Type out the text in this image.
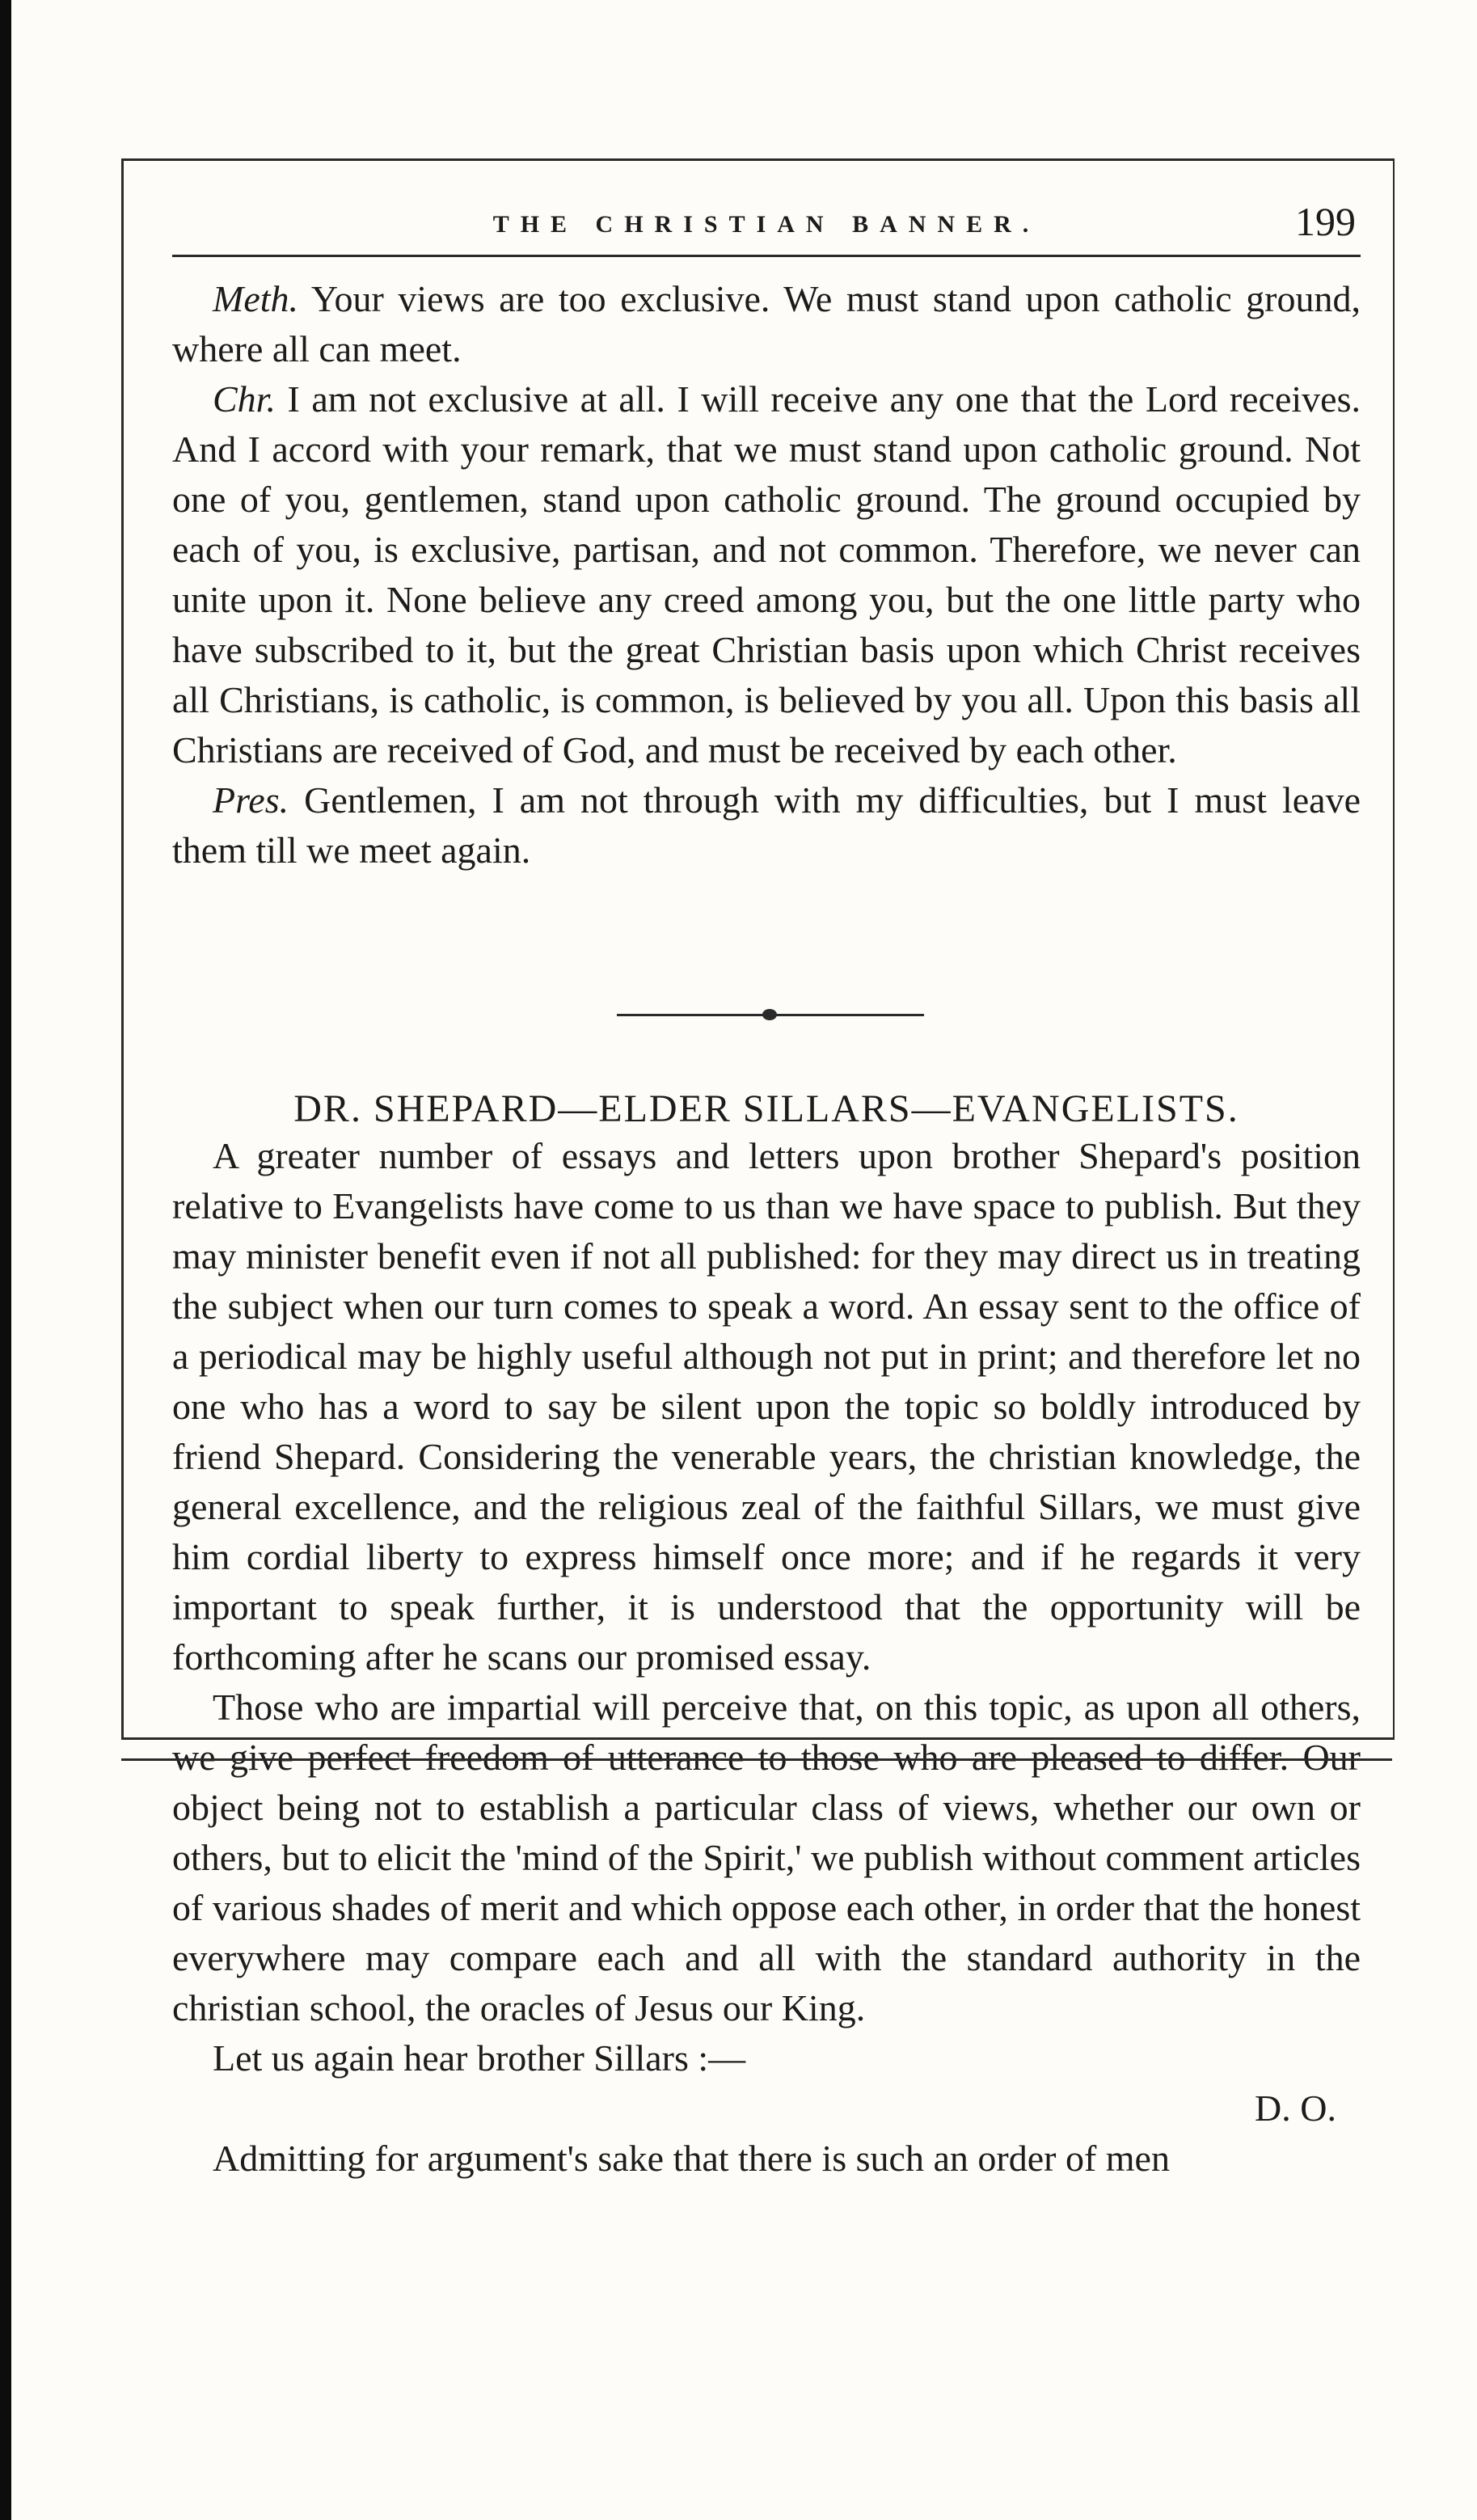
THE CHRISTIAN BANNER.	199

Meth. Your views are too exclusive. We must stand upon catholic ground, where all can meet.

Chr. I am not exclusive at all. I will receive any one that the Lord receives. And I accord with your remark, that we must stand upon catholic ground. Not one of you, gentlemen, stand upon catholic ground. The ground occupied by each of you, is exclusive, partisan, and not common. Therefore, we never can unite upon it. None believe any creed among you, but the one little party who have subscribed to it, but the great Christian basis upon which Christ receives all Christians, is catholic, is common, is believed by you all. Upon this basis all Christians are received of God, and must be received by each other.

Pres. Gentlemen, I am not through with my difficulties, but I must leave them till we meet again.

DR. SHEPARD—ELDER SILLARS—EVANGELISTS.

A greater number of essays and letters upon brother Shepard's position relative to Evangelists have come to us than we have space to publish. But they may minister benefit even if not all published: for they may direct us in treating the subject when our turn comes to speak a word. An essay sent to the office of a periodical may be highly useful although not put in print; and therefore let no one who has a word to say be silent upon the topic so boldly introduced by friend Shepard. Considering the venerable years, the christian knowledge, the general excellence, and the religious zeal of the faithful Sillars, we must give him cordial liberty to express himself once more; and if he regards it very important to speak further, it is understood that the opportunity will be forthcoming after he scans our promised essay.

Those who are impartial will perceive that, on this topic, as upon all others, we give perfect freedom of utterance to those who are pleased to differ. Our object being not to establish a particular class of views, whether our own or others, but to elicit the 'mind of the Spirit,' we publish without comment articles of various shades of merit and which oppose each other, in order that the honest everywhere may compare each and all with the standard authority in the christian school, the oracles of Jesus our King.

Let us again hear brother Sillars :—

D. O.

Admitting for argument's sake that there is such an order of men
